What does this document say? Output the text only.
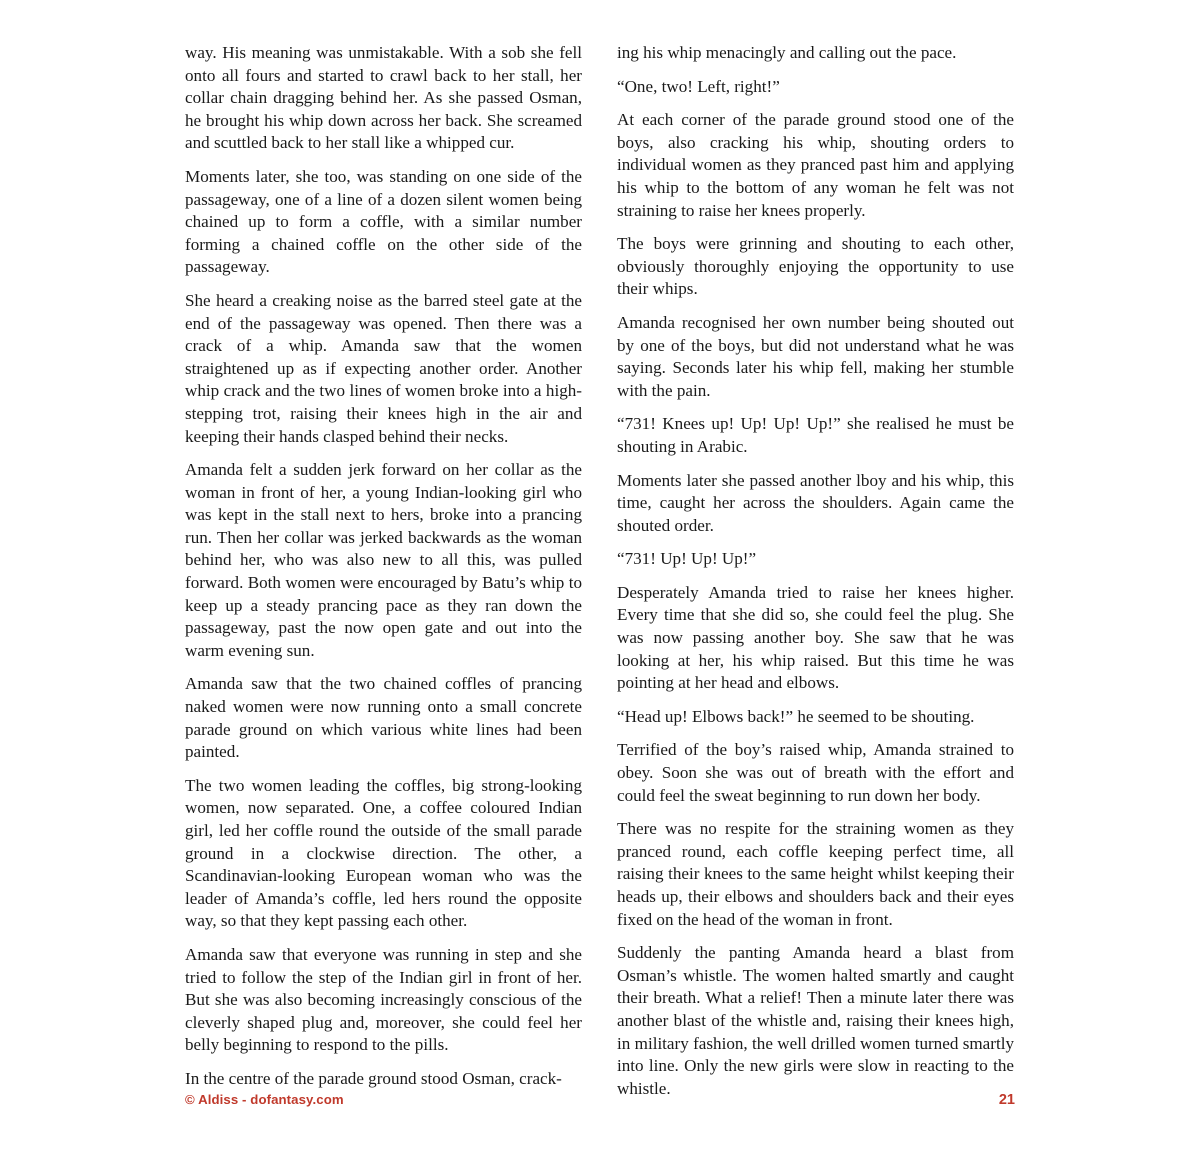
way. His meaning was unmistakable. With a sob she fell onto all fours and started to crawl back to her stall, her collar chain dragging behind her. As she passed Osman, he brought his whip down across her back. She screamed and scuttled back to her stall like a whipped cur.

Moments later, she too, was standing on one side of the passageway, one of a line of a dozen silent women being chained up to form a coffle, with a similar number forming a chained coffle on the other side of the passageway.

She heard a creaking noise as the barred steel gate at the end of the passageway was opened. Then there was a crack of a whip. Amanda saw that the women straightened up as if expecting another order. Another whip crack and the two lines of women broke into a high-stepping trot, raising their knees high in the air and keeping their hands clasped behind their necks.

Amanda felt a sudden jerk forward on her collar as the woman in front of her, a young Indian-looking girl who was kept in the stall next to hers, broke into a prancing run. Then her collar was jerked backwards as the woman behind her, who was also new to all this, was pulled forward. Both women were encouraged by Batu’s whip to keep up a steady prancing pace as they ran down the passageway, past the now open gate and out into the warm evening sun.

Amanda saw that the two chained coffles of prancing naked women were now running onto a small concrete parade ground on which various white lines had been painted.

The two women leading the coffles, big strong-looking women, now separated. One, a coffee coloured Indian girl, led her coffle round the outside of the small parade ground in a clockwise direction. The other, a Scandinavian-looking European woman who was the leader of Amanda’s coffle, led hers round the opposite way, so that they kept passing each other.

Amanda saw that everyone was running in step and she tried to follow the step of the Indian girl in front of her. But she was also becoming increasingly conscious of the cleverly shaped plug and, moreover, she could feel her belly beginning to respond to the pills.

In the centre of the parade ground stood Osman, crack-

ing his whip menacingly and calling out the pace.

“One, two! Left, right!”

At each corner of the parade ground stood one of the boys, also cracking his whip, shouting orders to individual women as they pranced past him and applying his whip to the bottom of any woman he felt was not straining to raise her knees properly.

The boys were grinning and shouting to each other, obviously thoroughly enjoying the opportunity to use their whips.

Amanda recognised her own number being shouted out by one of the boys, but did not understand what he was saying. Seconds later his whip fell, making her stumble with the pain.

“731! Knees up! Up! Up! Up!” she realised he must be shouting in Arabic.

Moments later she passed another lboy and his whip, this time, caught her across the shoulders. Again came the shouted order.

“731! Up! Up! Up!”

Desperately Amanda tried to raise her knees higher. Every time that she did so, she could feel the plug. She was now passing another boy. She saw that he was looking at her, his whip raised. But this time he was pointing at her head and elbows.

“Head up! Elbows back!” he seemed to be shouting.

Terrified of the boy’s raised whip, Amanda strained to obey. Soon she was out of breath with the effort and could feel the sweat beginning to run down her body.

There was no respite for the straining women as they pranced round, each coffle keeping perfect time, all raising their knees to the same height whilst keeping their heads up, their elbows and shoulders back and their eyes fixed on the head of the woman in front.

Suddenly the panting Amanda heard a blast from Osman’s whistle. The women halted smartly and caught their breath. What a relief! Then a minute later there was another blast of the whistle and, raising their knees high, in military fashion, the well drilled women turned smartly into line. Only the new girls were slow in reacting to the whistle.

© Aldiss - dofantasy.com	21
